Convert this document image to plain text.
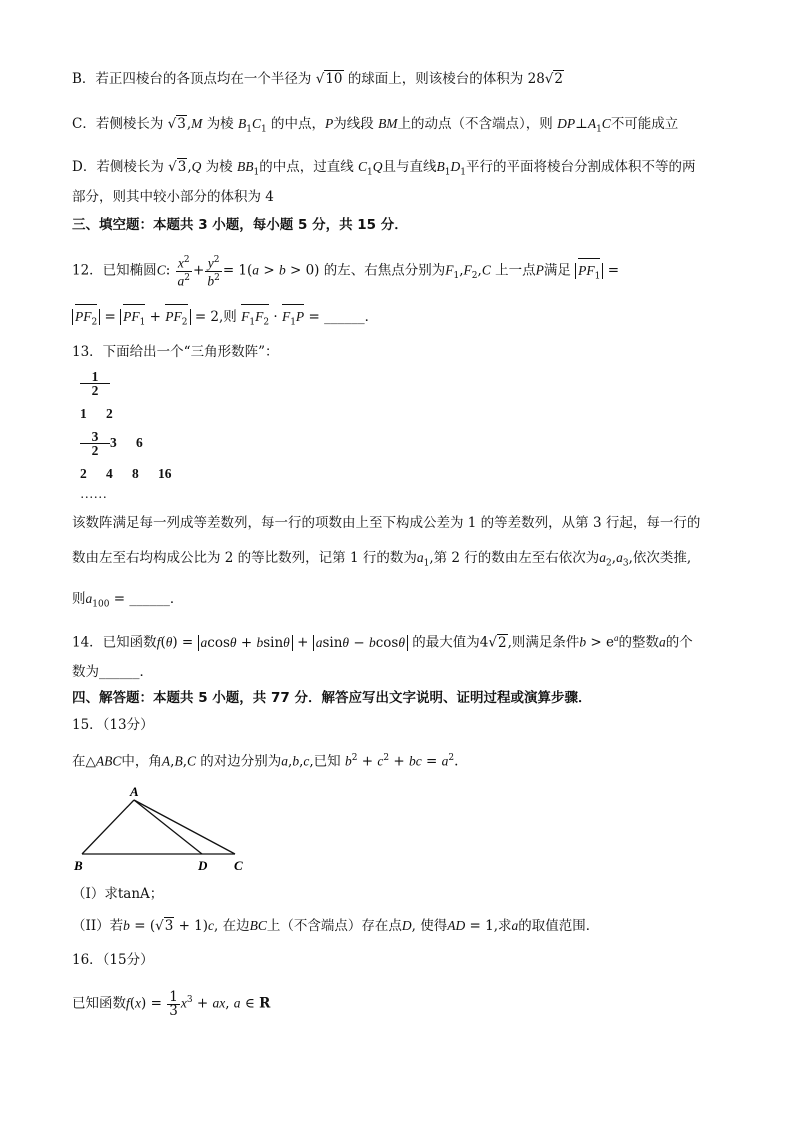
B．若正四棱台的各顶点均在一个半径为 √10 的球面上，则该棱台的体积为 28√2
C．若侧棱长为 √3,M 为棱 $B_1C_1$ 的中点，P为线段 BM上的动点（不含端点），则 $DP\perp A_1C$不可能成立
D．若侧棱长为 √3,Q 为棱 $BB_1$的中点，过直线 $C_1Q$且与直线$B_1D_1$平行的平面将棱台分割成体积不等的两
部分，则其中较小部分的体积为 4
三、填空题：本题共 3 小题，每小题 5 分，共 15 分．
12．已知椭圆C: $\frac{x^2}{a^2} + \frac{y^2}{b^2} = 1(a > b > 0)$ 的左、右焦点分别为$F_1,F_2,C$ 上一点P满足 $PF_1$ =
$PF_2 = PF_1 + PF_2 = 2$,则 $F_1F_2 \cdot F_1P$ = ______．
13．下面给出一个“三角形数阵”：
$\frac{1}{2}$
1 2
$\frac{3}{2} 3$ 6
2 4 8 16
……
该数阵满足每一列成等差数列，每一行的项数由上至下构成公差为 1 的等差数列，从第 3 行起，每一行的
数由左至右均构成公比为 2 的等比数列，记第 1 行的数为$a_1$,第 2 行的数由左至右依次为$a_2,a_3$,依次类推,
则$a_{100}$ = ______．
14．已知函数f(θ) = acosθ + bsinθ + asinθ − bcosθ 的最大值为4√2,则满足条件$b > e^a$的整数a的个
数为______．
四、解答题：本题共 5 小题，共 77 分．解答应写出文字说明、证明过程或演算步骤．
15．（13分）
在△ABC中，角A,B,C 的对边分别为a,b,c,已知 $b^2 + c^2$ + bc = $a^2$.
A
B	D C
（I）求tanA；
（II）若b = (√3 + 1)c, 在边BC上（不含端点）存在点D, 使得AD = 1,求a的取值范围．
16．（15分）
已知函数$f(x) = \frac{1}{3} x^3$ + ax, a ∈ R
